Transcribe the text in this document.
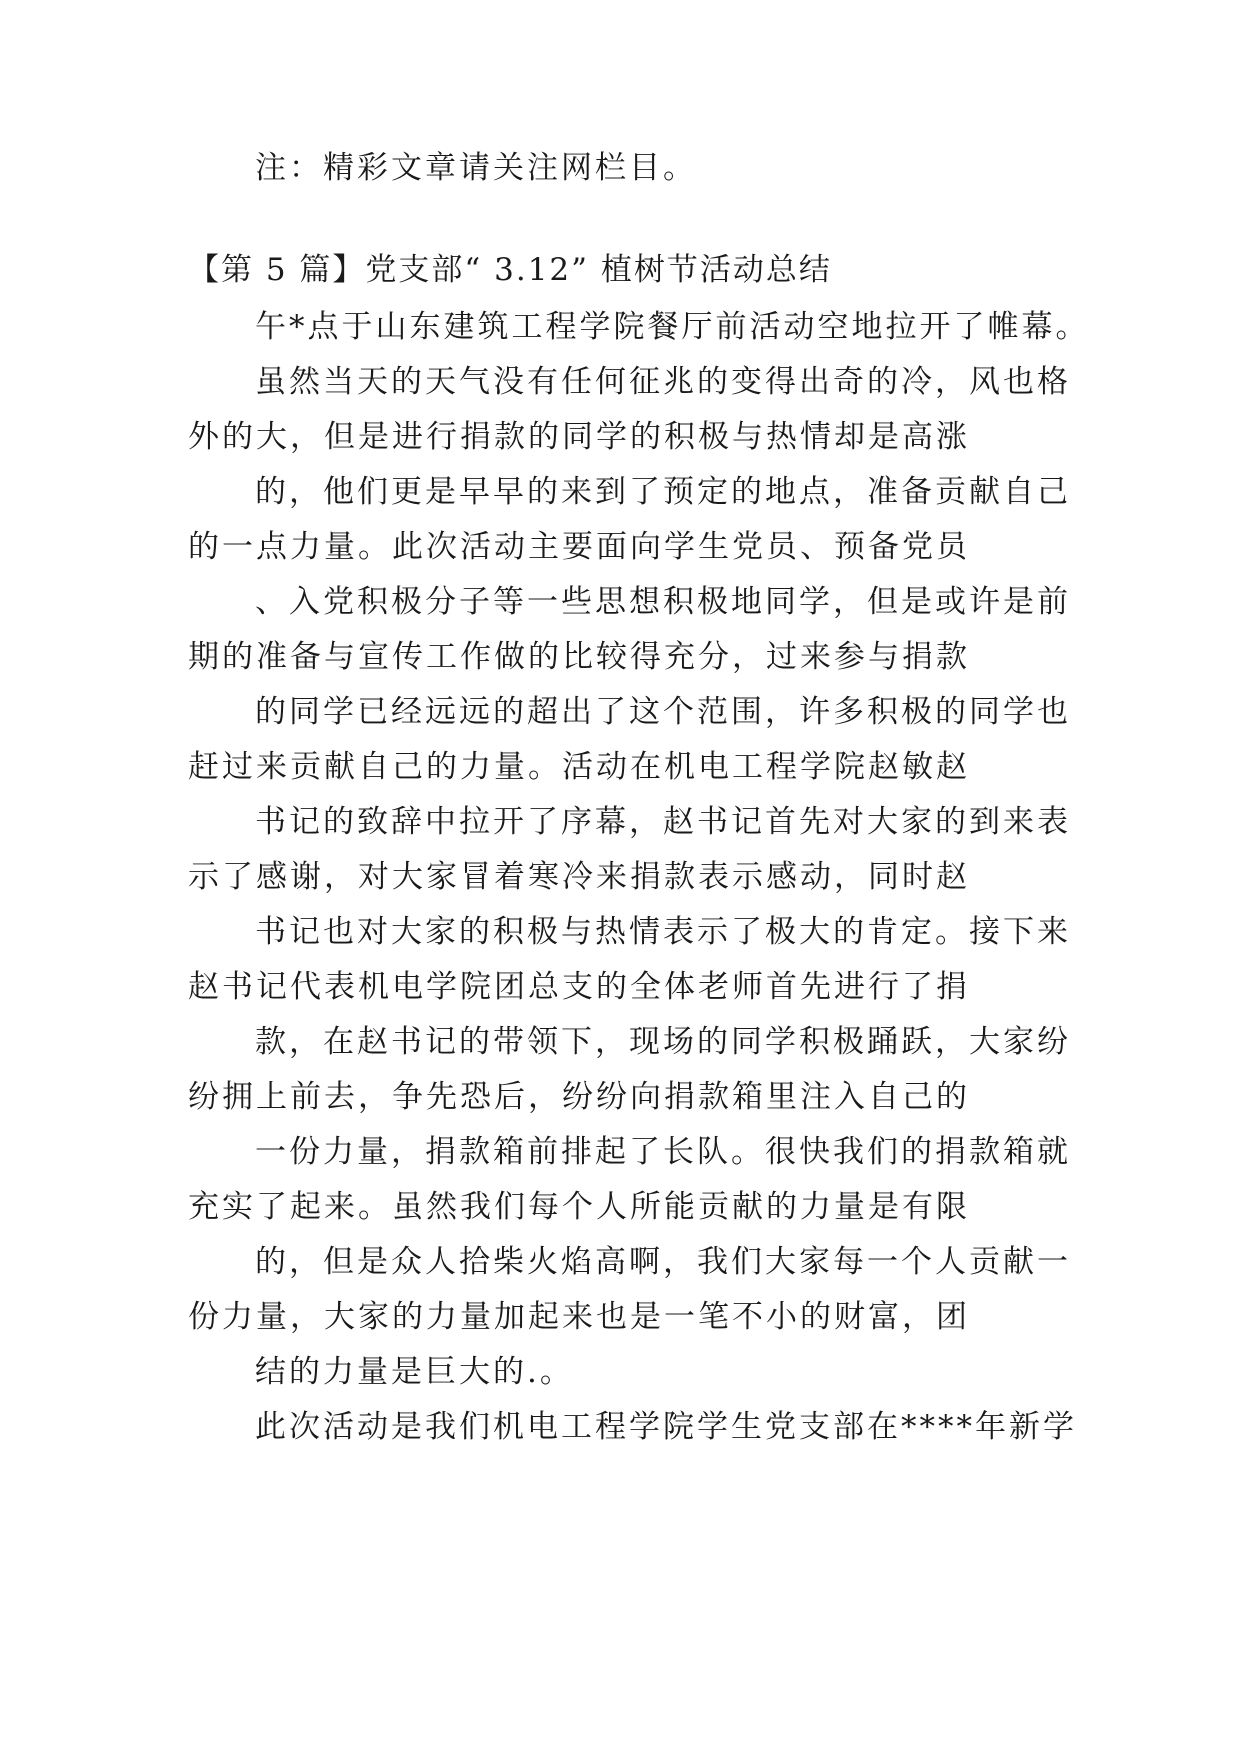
注：精彩文章请关注网栏目。
【第 5 篇】党支部“ 3.12” 植树节活动总结
午*点于山东建筑工程学院餐厅前活动空地拉开了帷幕。
虽然当天的天气没有任何征兆的变得出奇的冷，风也格
外的大，但是进行捐款的同学的积极与热情却是高涨
的，他们更是早早的来到了预定的地点，准备贡献自己
的一点力量。此次活动主要面向学生党员、预备党员
、入党积极分子等一些思想积极地同学，但是或许是前
期的准备与宣传工作做的比较得充分，过来参与捐款
的同学已经远远的超出了这个范围，许多积极的同学也
赶过来贡献自己的力量。活动在机电工程学院赵敏赵
书记的致辞中拉开了序幕，赵书记首先对大家的到来表
示了感谢，对大家冒着寒冷来捐款表示感动，同时赵
书记也对大家的积极与热情表示了极大的肯定。接下来
赵书记代表机电学院团总支的全体老师首先进行了捐
款，在赵书记的带领下，现场的同学积极踊跃，大家纷
纷拥上前去，争先恐后，纷纷向捐款箱里注入自己的
一份力量，捐款箱前排起了长队。很快我们的捐款箱就
充实了起来。虽然我们每个人所能贡献的力量是有限
的，但是众人拾柴火焰高啊，我们大家每一个人贡献一
份力量，大家的力量加起来也是一笔不小的财富，团
结的力量是巨大的.。
此次活动是我们机电工程学院学生党支部在****年新学
